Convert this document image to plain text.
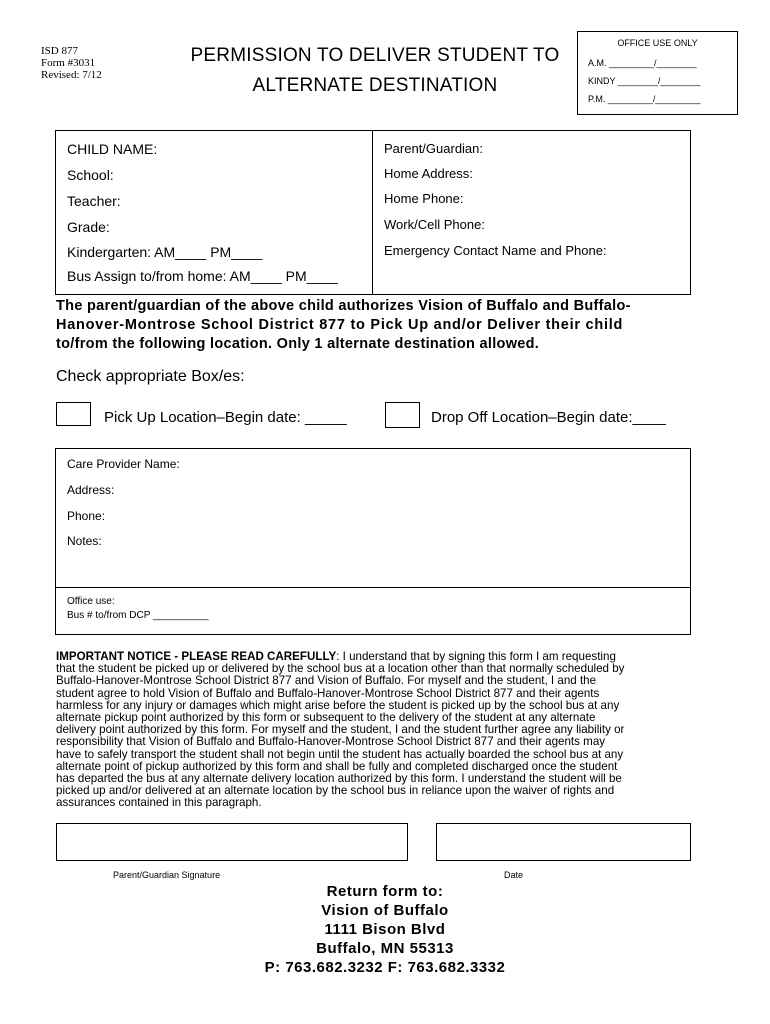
ISD 877
Form #3031
Revised: 7/12
PERMISSION TO DELIVER STUDENT TO
ALTERNATE DESTINATION
OFFICE USE ONLY
A.M. _________/________
KINDY ________/________
P.M. _________/_________
CHILD NAME:
School:
Teacher:
Grade:
Kindergarten: AM____ PM____
Bus Assign to/from home: AM____ PM____
Parent/Guardian:
Home Address:
Home Phone:
Work/Cell Phone:
Emergency Contact Name and Phone:
The parent/guardian of the above child authorizes Vision of Buffalo and Buffalo-
Hanover-Montrose School District 877 to Pick Up and/or Deliver their child
to/from the following location. Only 1 alternate destination allowed.
Check appropriate Box/es:
Pick Up Location–Begin date: _____	Drop Off Location–Begin date:____
Care Provider Name:
Address:
Phone:
Notes:
Office use:
Bus # to/from DCP __________
IMPORTANT NOTICE - PLEASE READ CAREFULLY: I understand that by signing this form I am requesting
that the student be picked up or delivered by the school bus at a location other than that normally scheduled by
Buffalo-Hanover-Montrose School District 877 and Vision of Buffalo. For myself and the student, I and the
student agree to hold Vision of Buffalo and Buffalo-Hanover-Montrose School District 877 and their agents
harmless for any injury or damages which might arise before the student is picked up by the school bus at any
alternate pickup point authorized by this form or subsequent to the delivery of the student at any alternate
delivery point authorized by this form. For myself and the student, I and the student further agree any liability or
responsibility that Vision of Buffalo and Buffalo-Hanover-Montrose School District 877 and their agents may
have to safely transport the student shall not begin until the student has actually boarded the school bus at any
alternate point of pickup authorized by this form and shall be fully and completed discharged once the student
has departed the bus at any alternate delivery location authorized by this form. I understand the student will be
picked up and/or delivered at an alternate location by the school bus in reliance upon the waiver of rights and
assurances contained in this paragraph.
Parent/Guardian Signature	Date
Return form to:
Vision of Buffalo
1111 Bison Blvd
Buffalo, MN 55313
P: 763.682.3232 F: 763.682.3332
